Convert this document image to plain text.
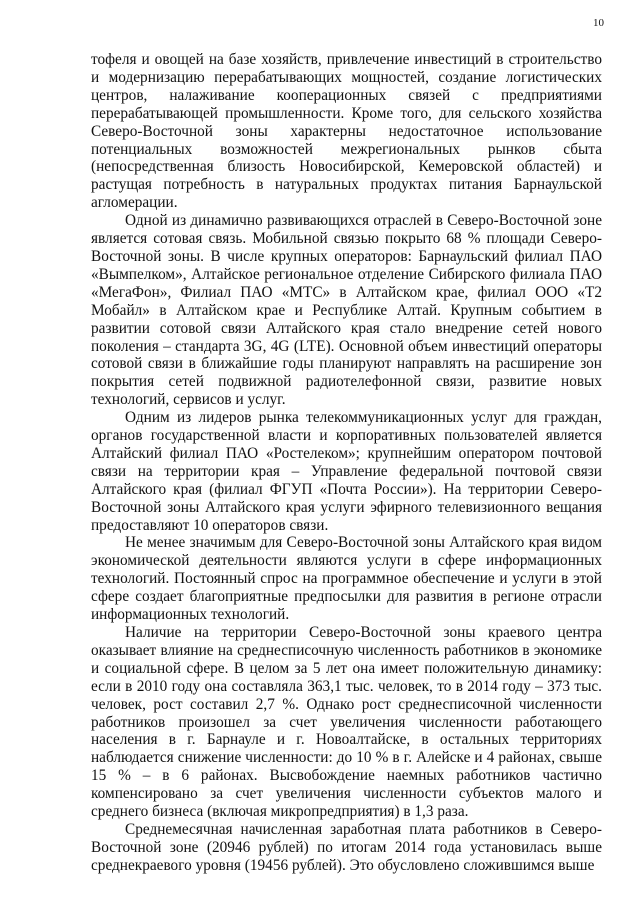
10

тофеля и овощей на базе хозяйств, привлечение инвестиций в строительство и модернизацию перерабатывающих мощностей, создание логистических центров, налаживание кооперационных связей с предприятиями перерабатывающей промышленности. Кроме того, для сельского хозяйства Северо-Восточной зоны характерны недостаточное использование потенциальных возможностей межрегиональных рынков сбыта (непосредственная близость Новосибирской, Кемеровской областей) и растущая потребность в натуральных продуктах питания Барнаульской агломерации.

Одной из динамично развивающихся отраслей в Северо-Восточной зоне является сотовая связь. Мобильной связью покрыто 68 % площади Северо-Восточной зоны. В числе крупных операторов: Барнаульский филиал ПАО «Вымпелком», Алтайское региональное отделение Сибирского филиала ПАО «МегаФон», Филиал ПАО «МТС» в Алтайском крае, филиал ООО «Т2 Мобайл» в Алтайском крае и Республике Алтай. Крупным событием в развитии сотовой связи Алтайского края стало внедрение сетей нового поколения – стандарта 3G, 4G (LTE). Основной объем инвестиций операторы сотовой связи в ближайшие годы планируют направлять на расширение зон покрытия сетей подвижной радиотелефонной связи, развитие новых технологий, сервисов и услуг.

Одним из лидеров рынка телекоммуникационных услуг для граждан, органов государственной власти и корпоративных пользователей является Алтайский филиал ПАО «Ростелеком»; крупнейшим оператором почтовой связи на территории края – Управление федеральной почтовой связи Алтайского края (филиал ФГУП «Почта России»). На территории Северо-Восточной зоны Алтайского края услуги эфирного телевизионного вещания предоставляют 10 операторов связи.

Не менее значимым для Северо-Восточной зоны Алтайского края видом экономической деятельности являются услуги в сфере информационных технологий. Постоянный спрос на программное обеспечение и услуги в этой сфере создает благоприятные предпосылки для развития в регионе отрасли информационных технологий.

Наличие на территории Северо-Восточной зоны краевого центра оказывает влияние на среднесписочную численность работников в экономике и социальной сфере. В целом за 5 лет она имеет положительную динамику: если в 2010 году она составляла 363,1 тыс. человек, то в 2014 году – 373 тыс. человек, рост составил 2,7 %. Однако рост среднесписочной численности работников произошел за счет увеличения численности работающего населения в г. Барнауле и г. Новоалтайске, в остальных территориях наблюдается снижение численности: до 10 % в г. Алейске и 4 районах, свыше 15 % – в 6 районах. Высвобождение наемных работников частично компенсировано за счет увеличения численности субъектов малого и среднего бизнеса (включая микропредприятия) в 1,3 раза.

Среднемесячная начисленная заработная плата работников в Северо-Восточной зоне (20946 рублей) по итогам 2014 года установилась выше среднекраевого уровня (19456 рублей). Это обусловлено сложившимся выше
